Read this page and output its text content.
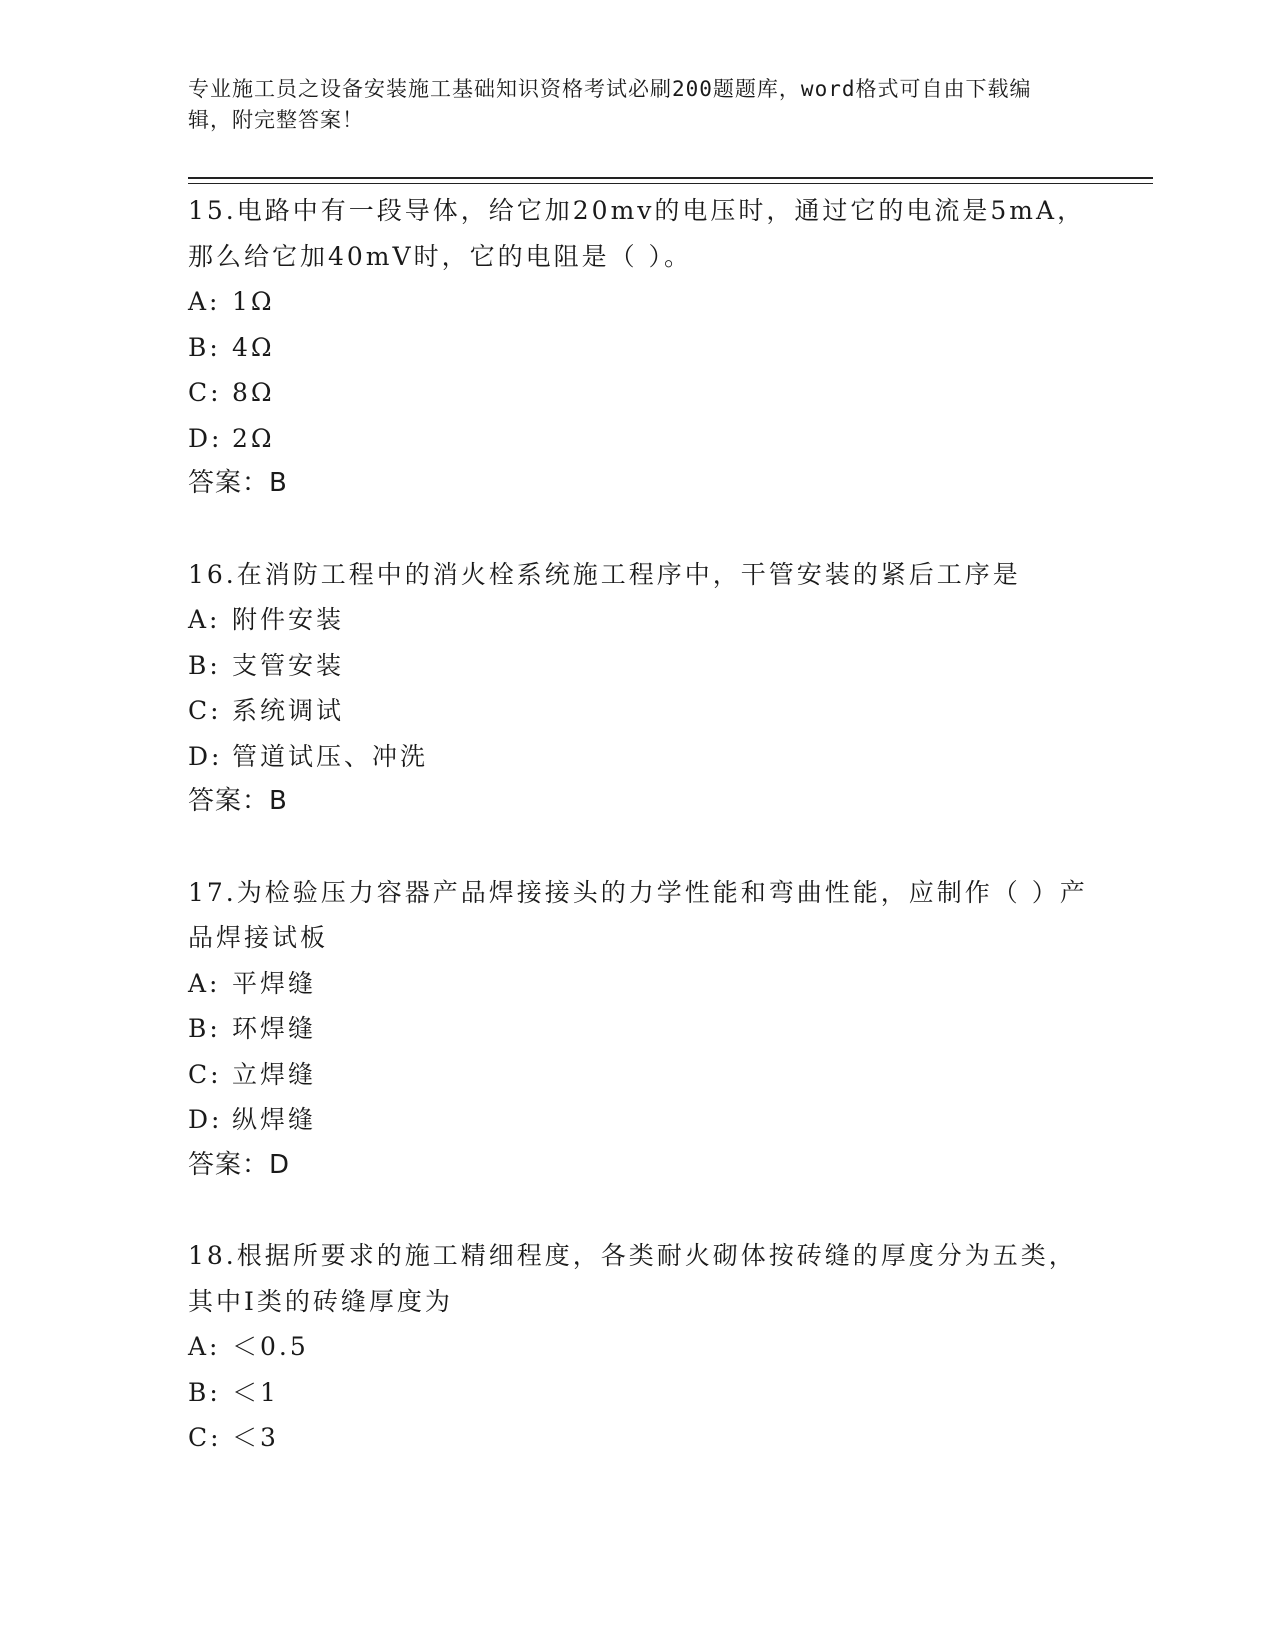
专业施工员之设备安装施工基础知识资格考试必刷200题题库，word格式可自由下载编辑，附完整答案！
15.电路中有一段导体，给它加20mv的电压时，通过它的电流是5mA，那么给它加40mV时，它的电阻是（ ）。
A: 1Ω
B: 4Ω
C: 8Ω
D: 2Ω
答案：B
16.在消防工程中的消火栓系统施工程序中，干管安装的紧后工序是
A: 附件安装
B: 支管安装
C: 系统调试
D: 管道试压、冲洗
答案：B
17.为检验压力容器产品焊接接头的力学性能和弯曲性能，应制作（ ）产品焊接试板
A: 平焊缝
B: 环焊缝
C: 立焊缝
D: 纵焊缝
答案：D
18.根据所要求的施工精细程度，各类耐火砌体按砖缝的厚度分为五类，其中Ⅰ类的砖缝厚度为
A: ＜0.5
B: ＜1
C: ＜3
